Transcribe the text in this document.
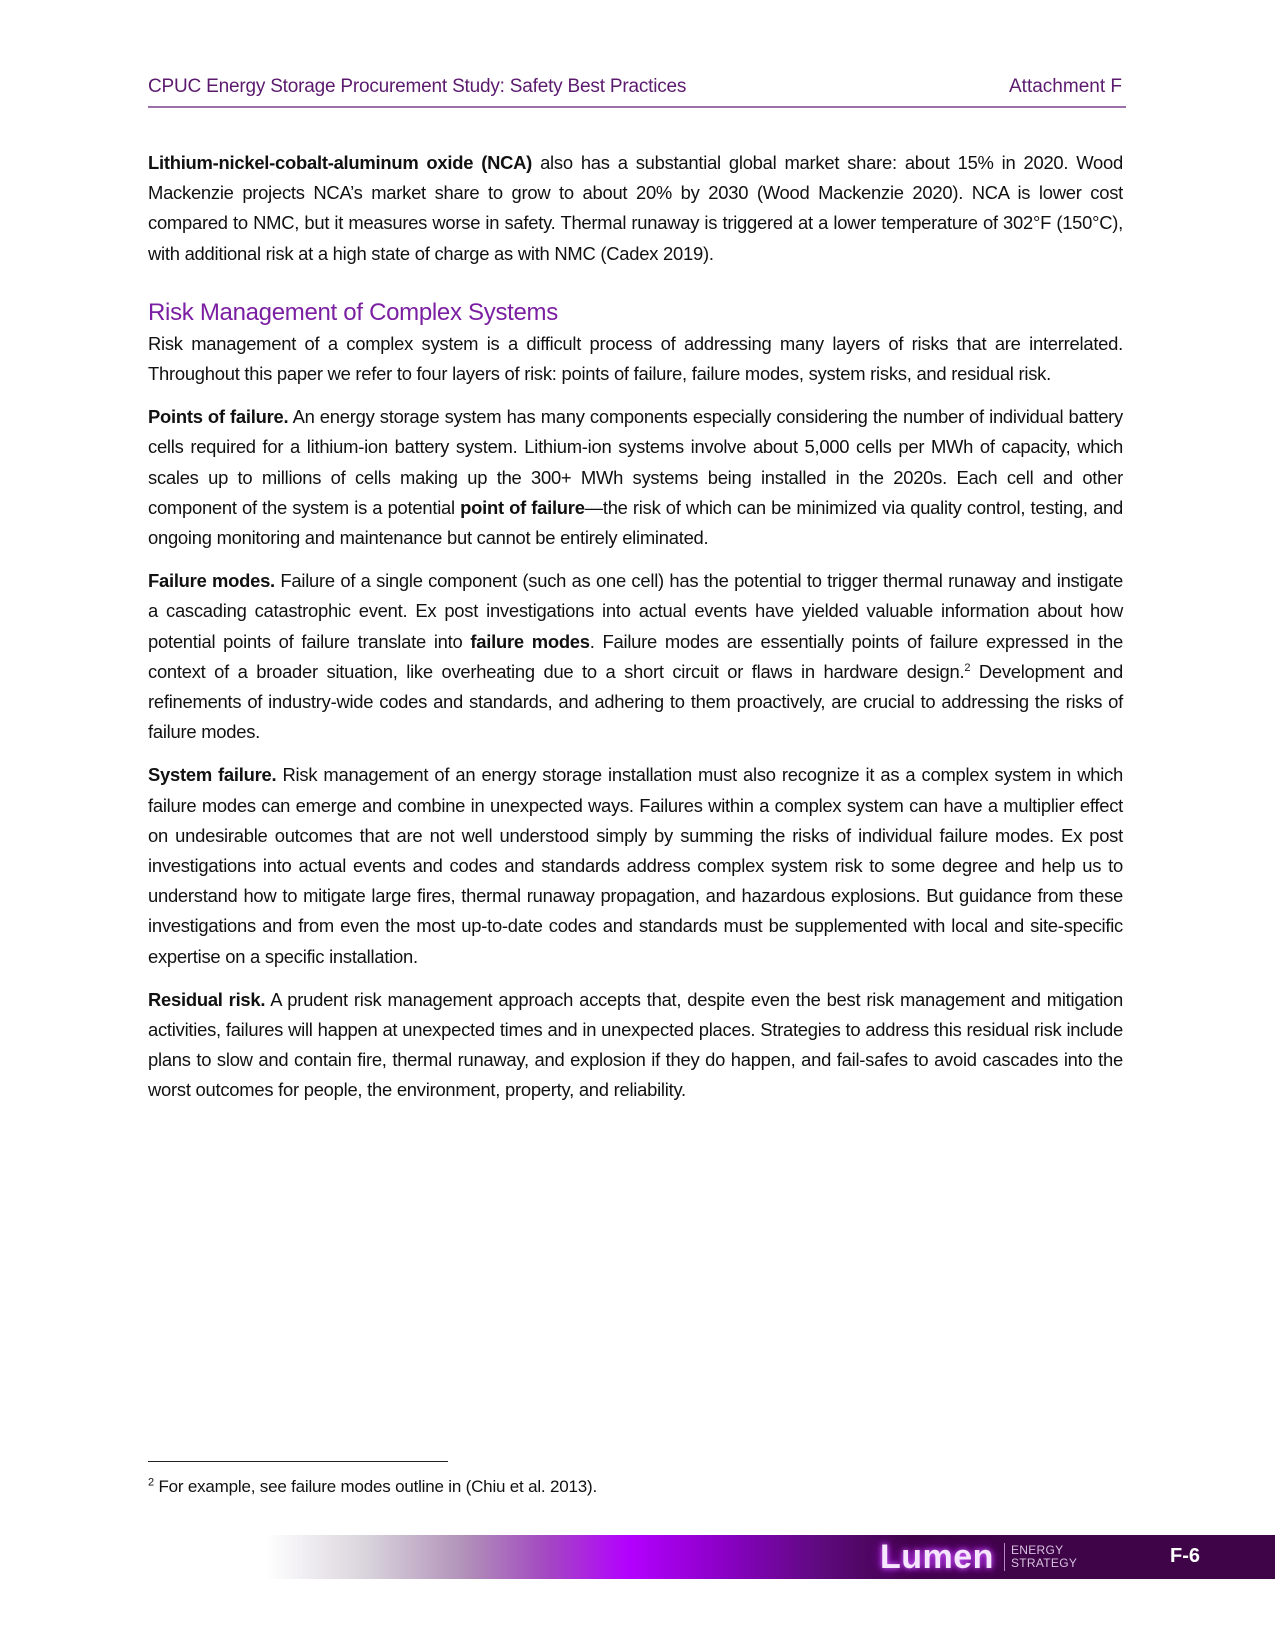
CPUC Energy Storage Procurement Study: Safety Best Practices	Attachment F

Lithium-nickel-cobalt-aluminum oxide (NCA) also has a substantial global market share: about 15% in 2020. Wood Mackenzie projects NCA’s market share to grow to about 20% by 2030 (Wood Mackenzie 2020). NCA is lower cost compared to NMC, but it measures worse in safety. Thermal runaway is triggered at a lower temperature of 302°F (150°C), with additional risk at a high state of charge as with NMC (Cadex 2019).

Risk Management of Complex Systems

Risk management of a complex system is a difficult process of addressing many layers of risks that are interrelated. Throughout this paper we refer to four layers of risk: points of failure, failure modes, system risks, and residual risk.

Points of failure. An energy storage system has many components especially considering the number of individual battery cells required for a lithium-ion battery system. Lithium-ion systems involve about 5,000 cells per MWh of capacity, which scales up to millions of cells making up the 300+ MWh systems being installed in the 2020s. Each cell and other component of the system is a potential point of failure—the risk of which can be minimized via quality control, testing, and ongoing monitoring and maintenance but cannot be entirely eliminated.

Failure modes. Failure of a single component (such as one cell) has the potential to trigger thermal runaway and instigate a cascading catastrophic event. Ex post investigations into actual events have yielded valuable information about how potential points of failure translate into failure modes. Failure modes are essentially points of failure expressed in the context of a broader situation, like overheating due to a short circuit or flaws in hardware design.$^2$ Development and refinements of industry-wide codes and standards, and adhering to them proactively, are crucial to addressing the risks of failure modes.

System failure. Risk management of an energy storage installation must also recognize it as a complex system in which failure modes can emerge and combine in unexpected ways. Failures within a complex system can have a multiplier effect on undesirable outcomes that are not well understood simply by summing the risks of individual failure modes. Ex post investigations into actual events and codes and standards address complex system risk to some degree and help us to understand how to mitigate large fires, thermal runaway propagation, and hazardous explosions. But guidance from these investigations and from even the most up-to-date codes and standards must be supplemented with local and site-specific expertise on a specific installation.

Residual risk. A prudent risk management approach accepts that, despite even the best risk management and mitigation activities, failures will happen at unexpected times and in unexpected places. Strategies to address this residual risk include plans to slow and contain fire, thermal runaway, and explosion if they do happen, and fail-safes to avoid cascades into the worst outcomes for people, the environment, property, and reliability.

$^2$ For example, see failure modes outline in (Chiu et al. 2013).
Lumen ENERGY
STRATEGY	F-6
